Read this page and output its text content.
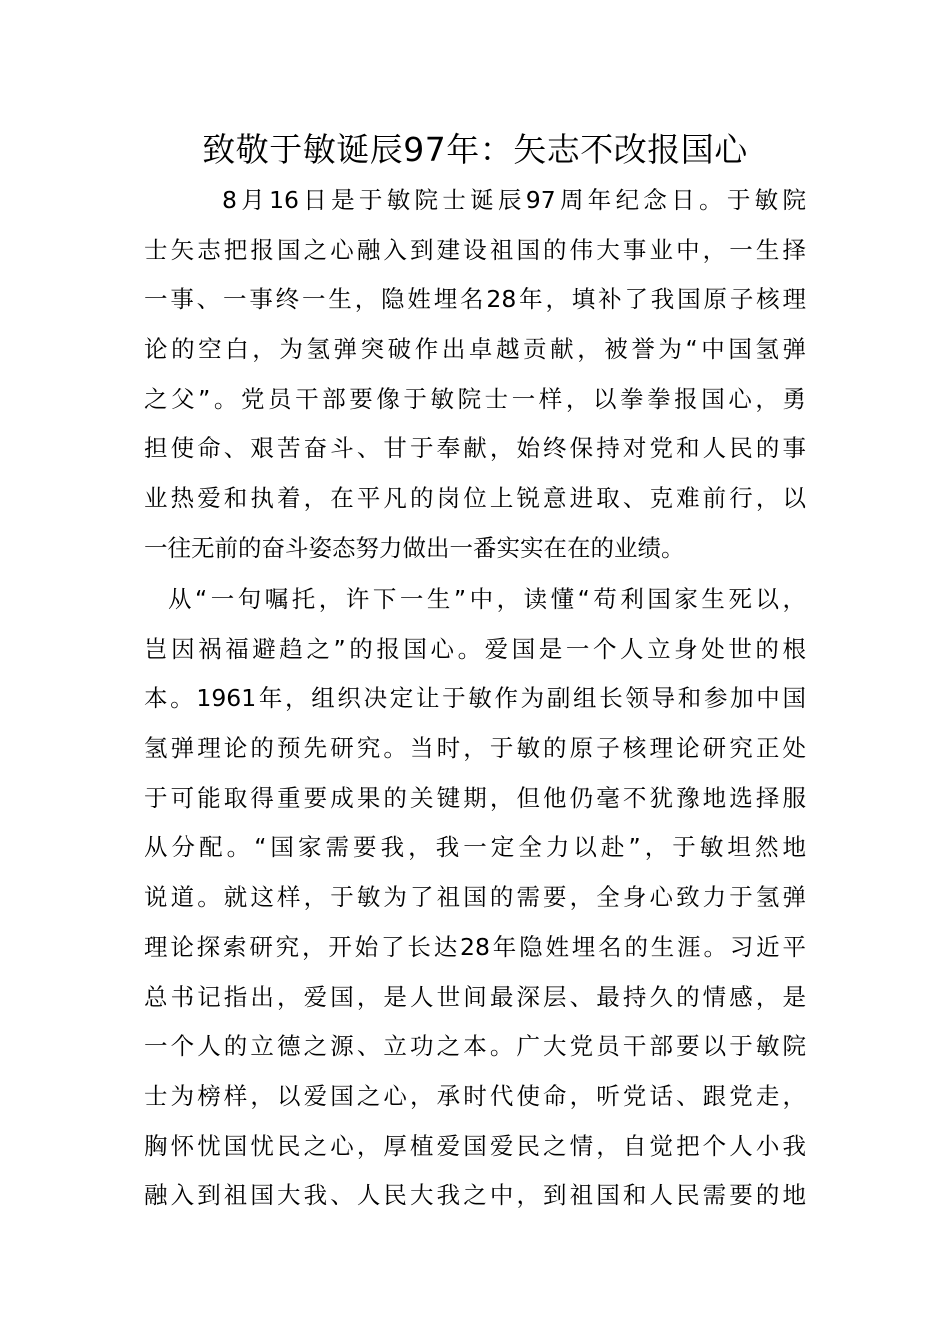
致敬于敏诞辰97年：矢志不改报国心
8月16日是于敏院士诞辰97周年纪念日。于敏院
士矢志把报国之心融入到建设祖国的伟大事业中，一生择
一事、一事终一生，隐姓埋名28年，填补了我国原子核理
论的空白，为氢弹突破作出卓越贡献，被誉为“中国氢弹
之父”。党员干部要像于敏院士一样，以拳拳报国心，勇
担使命、艰苦奋斗、甘于奉献，始终保持对党和人民的事
业热爱和执着，在平凡的岗位上锐意进取、克难前行，以
一往无前的奋斗姿态努力做出一番实实在在的业绩。
从“一句嘱托，许下一生”中，读懂“苟利国家生死以，
岂因祸福避趋之”的报国心。爱国是一个人立身处世的根
本。1961年，组织决定让于敏作为副组长领导和参加中国
氢弹理论的预先研究。当时，于敏的原子核理论研究正处
于可能取得重要成果的关键期，但他仍毫不犹豫地选择服
从分配。“国家需要我，我一定全力以赴”，于敏坦然地
说道。就这样，于敏为了祖国的需要，全身心致力于氢弹
理论探索研究，开始了长达28年隐姓埋名的生涯。习近平
总书记指出，爱国，是人世间最深层、最持久的情感，是
一个人的立德之源、立功之本。广大党员干部要以于敏院
士为榜样，以爱国之心，承时代使命，听党话、跟党走，
胸怀忧国忧民之心，厚植爱国爱民之情，自觉把个人小我
融入到祖国大我、人民大我之中，到祖国和人民需要的地
